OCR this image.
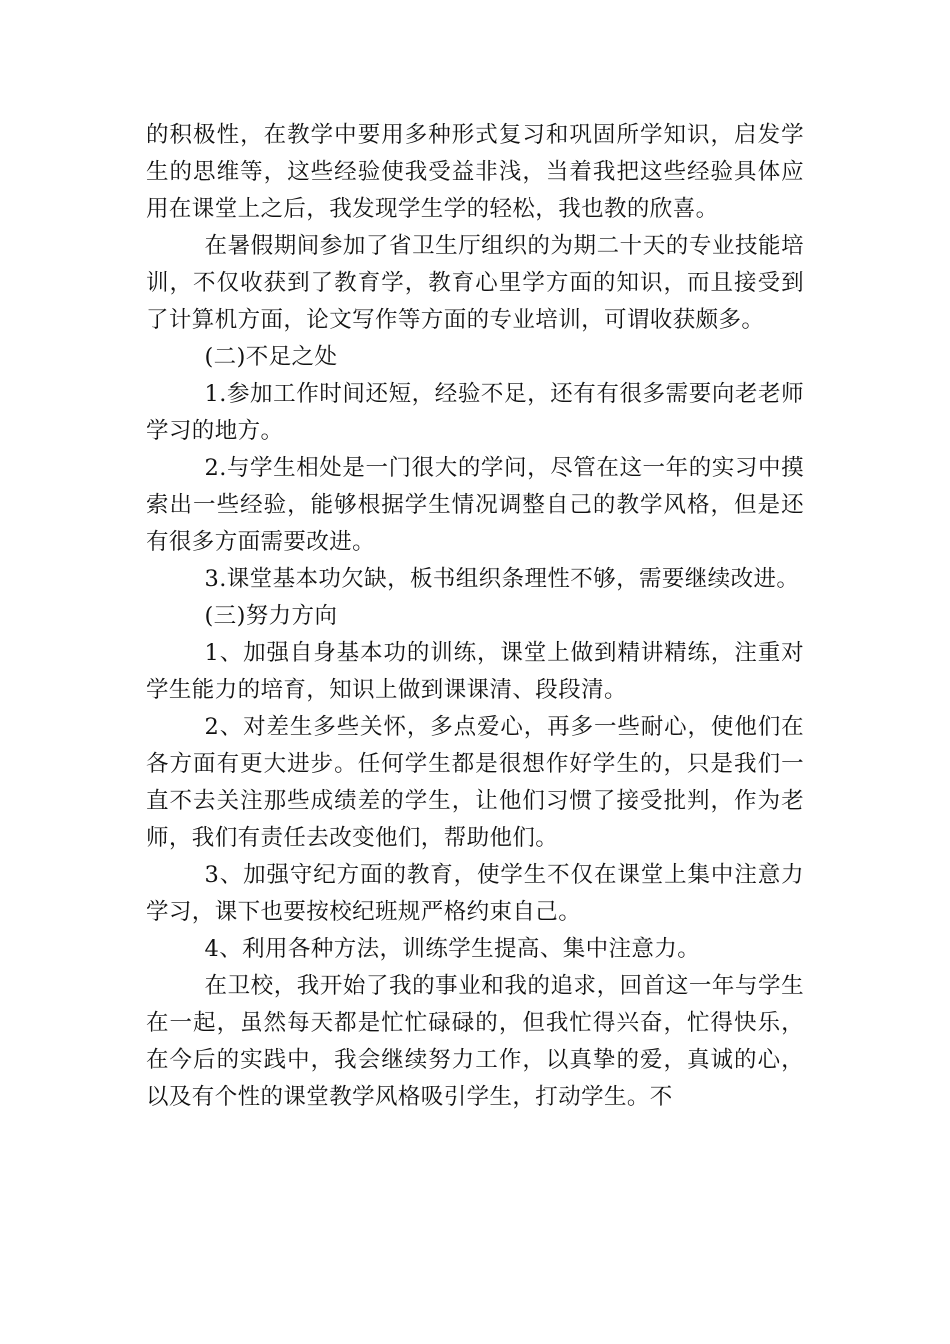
的积极性，在教学中要用多种形式复习和巩固所学知识，启发学生的思维等，这些经验使我受益非浅，当着我把这些经验具体应用在课堂上之后，我发现学生学的轻松，我也教的欣喜。

在暑假期间参加了省卫生厅组织的为期二十天的专业技能培训，不仅收获到了教育学，教育心里学方面的知识，而且接受到了计算机方面，论文写作等方面的专业培训，可谓收获颇多。

(二)不足之处

1.参加工作时间还短，经验不足，还有有很多需要向老老师学习的地方。

2.与学生相处是一门很大的学问，尽管在这一年的实习中摸索出一些经验，能够根据学生情况调整自己的教学风格，但是还有很多方面需要改进。

3.课堂基本功欠缺，板书组织条理性不够，需要继续改进。

(三)努力方向

1、加强自身基本功的训练，课堂上做到精讲精练，注重对学生能力的培育，知识上做到课课清、段段清。

2、对差生多些关怀，多点爱心，再多一些耐心，使他们在各方面有更大进步。任何学生都是很想作好学生的，只是我们一直不去关注那些成绩差的学生，让他们习惯了接受批判，作为老师，我们有责任去改变他们，帮助他们。

3、加强守纪方面的教育，使学生不仅在课堂上集中注意力学习，课下也要按校纪班规严格约束自己。

4、利用各种方法，训练学生提高、集中注意力。

在卫校，我开始了我的事业和我的追求，回首这一年与学生在一起，虽然每天都是忙忙碌碌的，但我忙得兴奋，忙得快乐，在今后的实践中，我会继续努力工作，以真挚的爱，真诚的心，以及有个性的课堂教学风格吸引学生，打动学生。不
